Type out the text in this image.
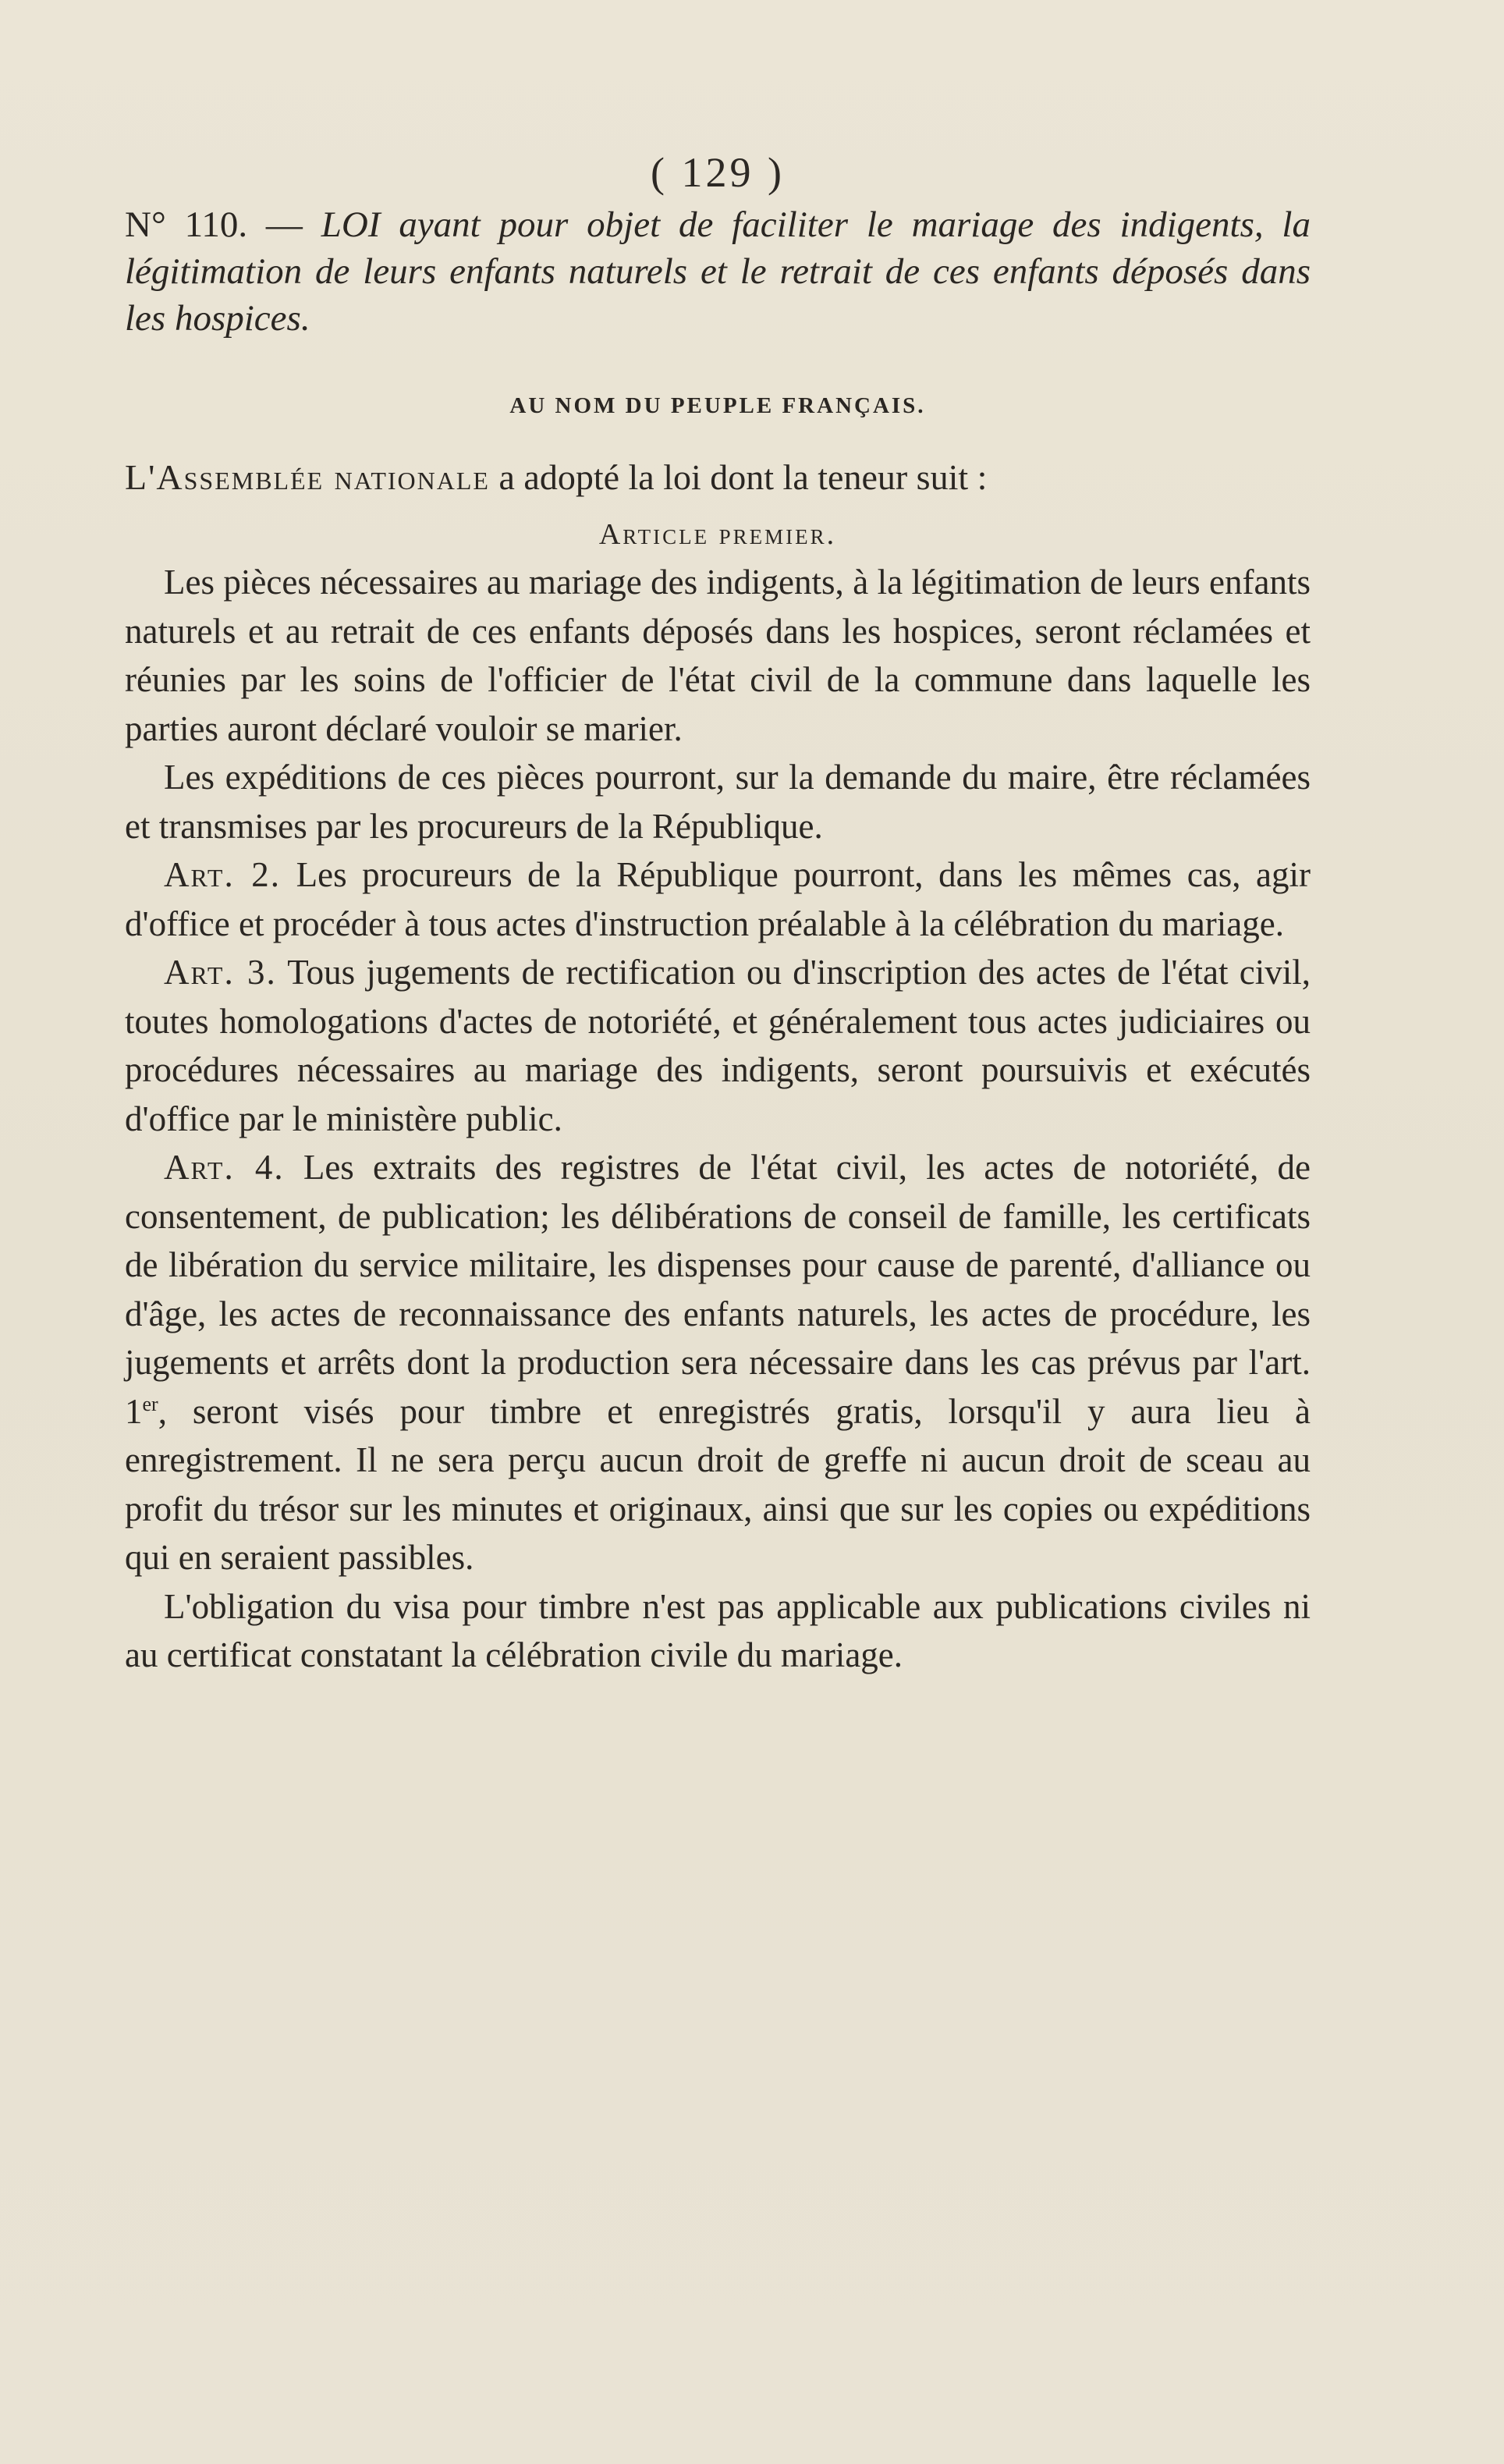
( 129 )

N° 110. — LOI ayant pour objet de faciliter le mariage des indigents, la légitimation de leurs enfants naturels et le retrait de ces enfants déposés dans les hospices.

AU NOM DU PEUPLE FRANÇAIS.

L'Assemblée nationale a adopté la loi dont la teneur suit :

Article premier.

Les pièces nécessaires au mariage des indigents, à la légitimation de leurs enfants naturels et au retrait de ces enfants déposés dans les hospices, seront réclamées et réunies par les soins de l'officier de l'état civil de la commune dans laquelle les parties auront déclaré vouloir se marier.

Les expéditions de ces pièces pourront, sur la demande du maire, être réclamées et transmises par les procureurs de la République.

Art. 2. Les procureurs de la République pourront, dans les mêmes cas, agir d'office et procéder à tous actes d'instruction préalable à la célébration du mariage.

Art. 3. Tous jugements de rectification ou d'inscription des actes de l'état civil, toutes homologations d'actes de notoriété, et généralement tous actes judiciaires ou procédures nécessaires au mariage des indigents, seront poursuivis et exécutés d'office par le ministère public.

Art. 4. Les extraits des registres de l'état civil, les actes de notoriété, de consentement, de publication; les délibérations de conseil de famille, les certificats de libération du service militaire, les dispenses pour cause de parenté, d'alliance ou d'âge, les actes de reconnaissance des enfants naturels, les actes de procédure, les jugements et arrêts dont la production sera nécessaire dans les cas prévus par l'art. 1er, seront visés pour timbre et enregistrés gratis, lorsqu'il y aura lieu à enregistrement. Il ne sera perçu aucun droit de greffe ni aucun droit de sceau au profit du trésor sur les minutes et originaux, ainsi que sur les copies ou expéditions qui en seraient passibles.

L'obligation du visa pour timbre n'est pas applicable aux publications civiles ni au certificat constatant la célébration civile du mariage.
